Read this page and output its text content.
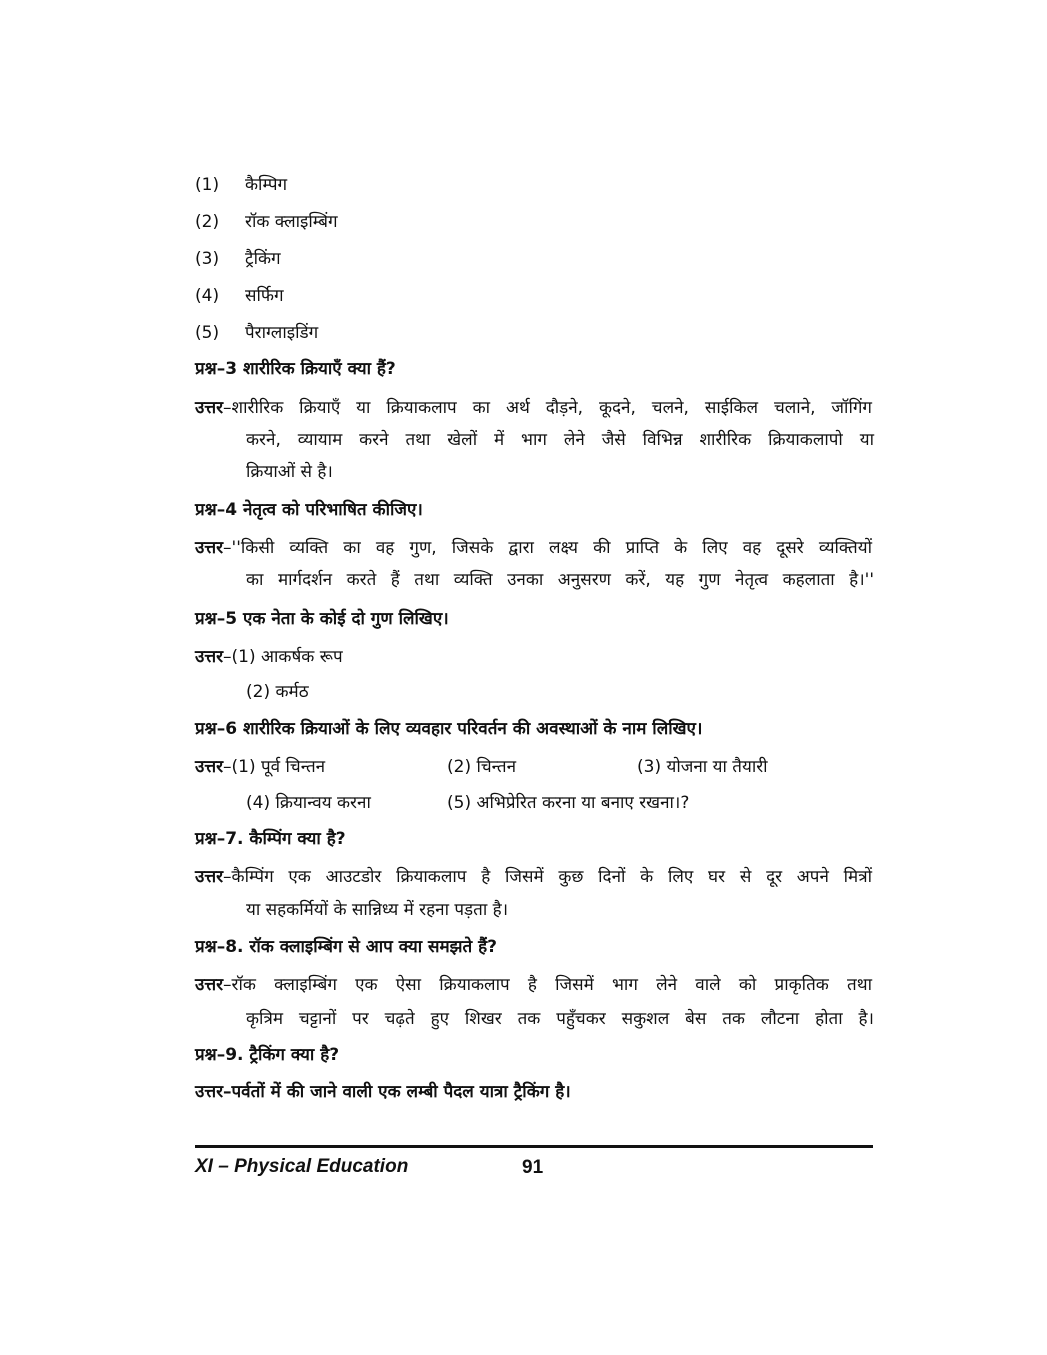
(1) कैम्पिग
(2) रॉक क्लाइम्बिंग
(3) ट्रैकिंग
(4) सर्फिग
(5) पैराग्लाइडिंग
प्रश्न–3 शारीरिक क्रियाएँ क्या हैं?
उत्तर–शारीरिक क्रियाएँ या क्रियाकलाप का अर्थ दौड़ने, कूदने, चलने, साईकिल चलाने, जॉगिंग
करने, व्यायाम करने तथा खेलों में भाग लेने जैसे विभिन्न शारीरिक क्रियाकलापो या
क्रियाओं से है।
प्रश्न–4 नेतृत्व को परिभाषित कीजिए।
उत्तर–''किसी व्यक्ति का वह गुण, जिसके द्वारा लक्ष्य की प्राप्ति के लिए वह दूसरे व्यक्तियों
का मार्गदर्शन करते हैं तथा व्यक्ति उनका अनुसरण करें, यह गुण नेतृत्व कहलाता है।''
प्रश्न–5 एक नेता के कोई दो गुण लिखिए।
उत्तर–(1) आकर्षक रूप
(2) कर्मठ
प्रश्न–6 शारीरिक क्रियाओं के लिए व्यवहार परिवर्तन की अवस्थाओं के नाम लिखिए।
उत्तर–(1) पूर्व चिन्तन	(2) चिन्तन	(3) योजना या तैयारी
(4) क्रियान्वय करना	(5) अभिप्रेरित करना या बनाए रखना।?
प्रश्न–7. कैम्पिंग क्या है?
उत्तर–कैम्पिंग एक आउटडोर क्रियाकलाप है जिसमें कुछ दिनों के लिए घर से दूर अपने मित्रों
या सहकर्मियों के सान्निध्य में रहना पड़ता है।
प्रश्न–8. रॉक क्लाइम्बिंग से आप क्या समझते हैं?
उत्तर–रॉक क्लाइम्बिंग एक ऐसा क्रियाकलाप है जिसमें भाग लेने वाले को प्राकृतिक तथा
कृत्रिम चट्टानों पर चढ़ते हुए शिखर तक पहुँचकर सकुशल बेस तक लौटना होता है।
प्रश्न–9. ट्रैकिंग क्या है?
उत्तर–पर्वतों में की जाने वाली एक लम्बी पैदल यात्रा ट्रैकिंग है।
XI – Physical Education	91
